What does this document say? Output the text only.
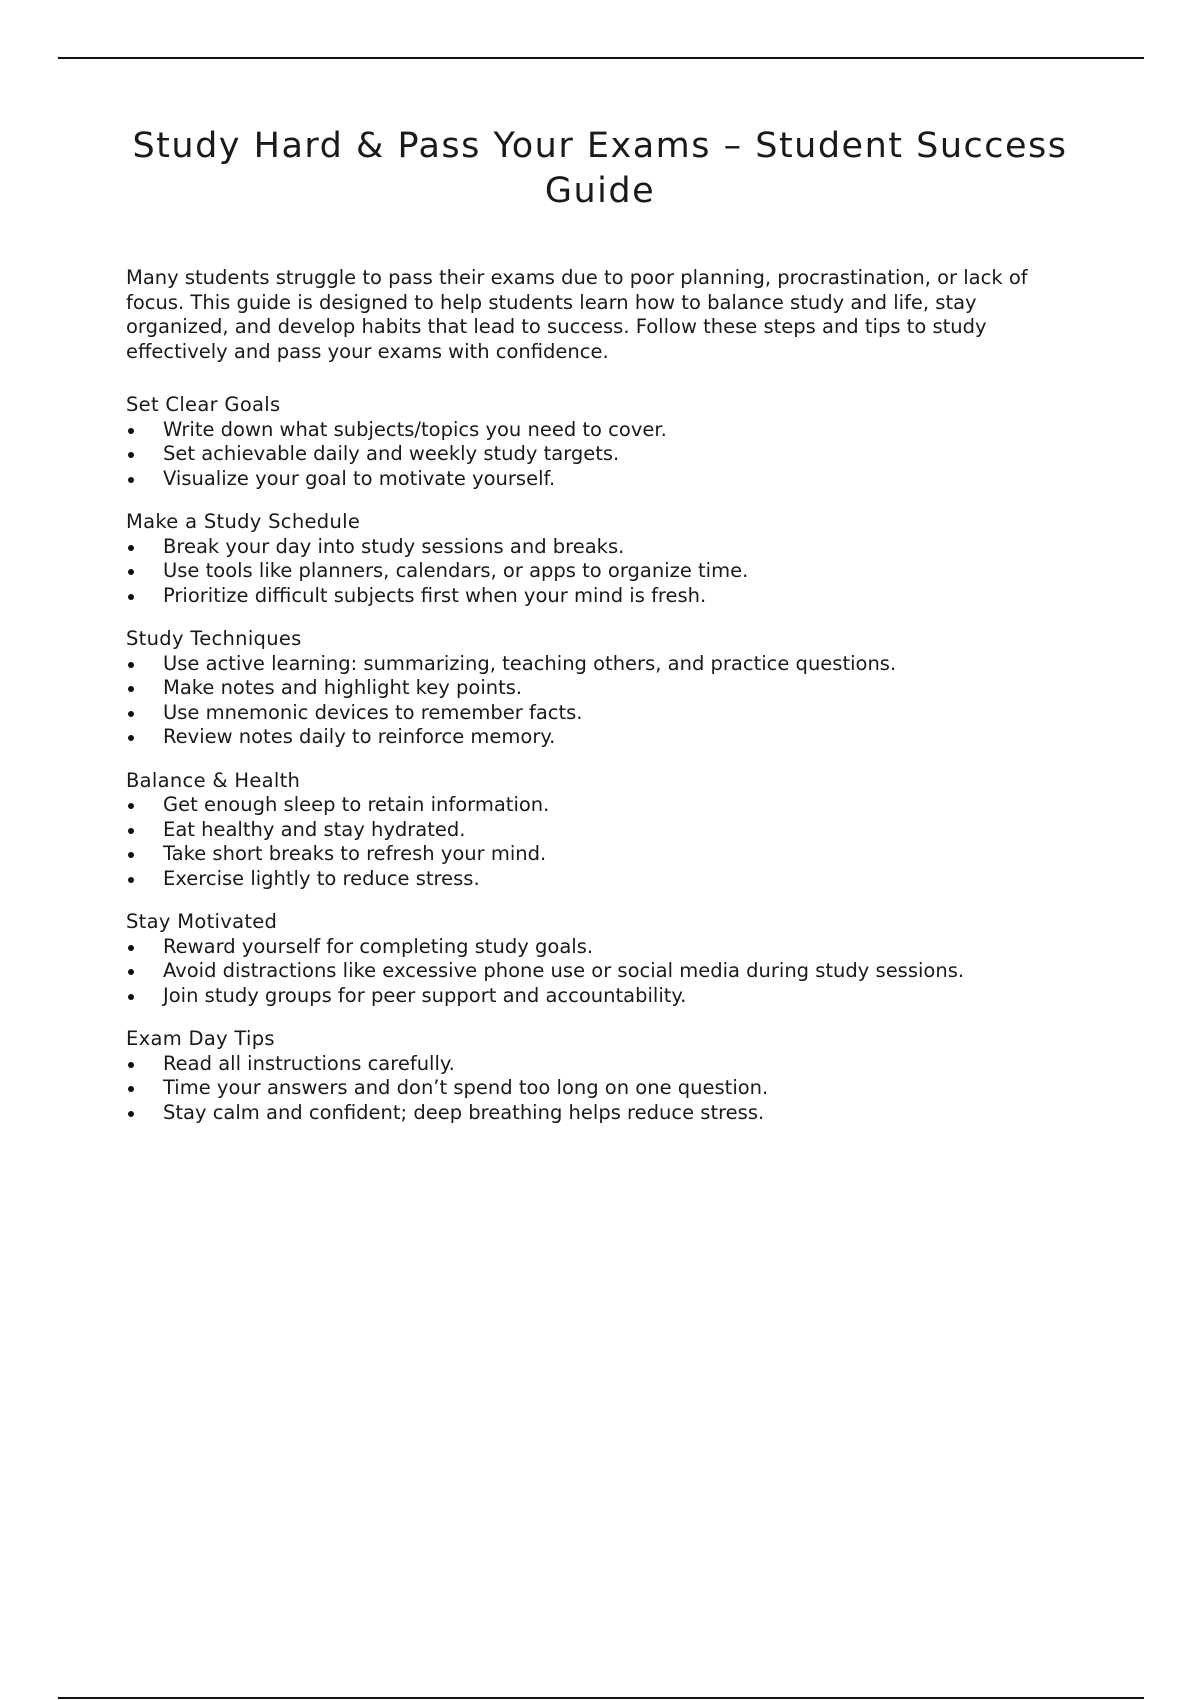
Study Hard & Pass Your Exams – Student Success Guide

Many students struggle to pass their exams due to poor planning, procrastination, or lack of focus. This guide is designed to help students learn how to balance study and life, stay organized, and develop habits that lead to success. Follow these steps and tips to study effectively and pass your exams with confidence.

Set Clear Goals
Write down what subjects/topics you need to cover.
Set achievable daily and weekly study targets.
Visualize your goal to motivate yourself.
Make a Study Schedule
Break your day into study sessions and breaks.
Use tools like planners, calendars, or apps to organize time.
Prioritize difficult subjects first when your mind is fresh.
Study Techniques
Use active learning: summarizing, teaching others, and practice questions.
Make notes and highlight key points.
Use mnemonic devices to remember facts.
Review notes daily to reinforce memory.
Balance & Health
Get enough sleep to retain information.
Eat healthy and stay hydrated.
Take short breaks to refresh your mind.
Exercise lightly to reduce stress.
Stay Motivated
Reward yourself for completing study goals.
Avoid distractions like excessive phone use or social media during study sessions.
Join study groups for peer support and accountability.
Exam Day Tips
Read all instructions carefully.
Time your answers and don’t spend too long on one question.
Stay calm and confident; deep breathing helps reduce stress.
